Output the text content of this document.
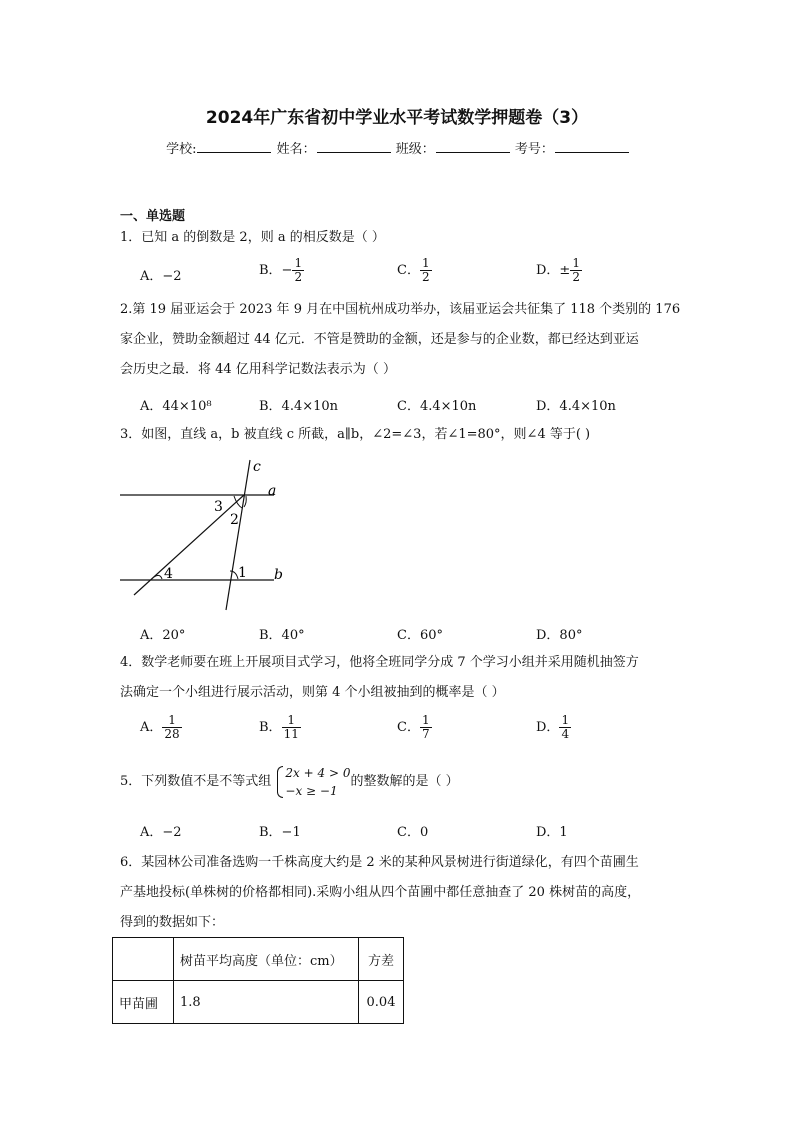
2024年广东省初中学业水平考试数学押题卷（3）
学校:	姓名：	班级：	考号：
一、单选题
1．已知 a 的倒数是 2，则 a 的相反数是（ ）
A．−2	B．− $\frac{1}{2}$	C． $\frac{1}{2}$	D．± $\frac{1}{2}$
2.第 19 届亚运会于 2023 年 9 月在中国杭州成功举办，该届亚运会共征集了 118 个类别的 176
家企业，赞助金额超过 44 亿元．不管是赞助的金额，还是参与的企业数，都已经达到亚运
会历史之最．将 44 亿用科学记数法表示为（ ）
A．44×10⁸	B．4.4×10n	C．4.4×10n	D．4.4×10n
3．如图，直线 a，b 被直线 c 所截，a∥b，∠2=∠3，若∠1=80°，则∠4 等于( )
c
a
b
3
2
4	1
A．20°	B．40°	C．60°	D．80°
4．数学老师要在班上开展项目式学习，他将全班同学分成 7 个学习小组并采用随机抽签方
法确定一个小组进行展示活动，则第 4 个小组被抽到的概率是（ ）
A． $\frac{1}{28}$	B． $\frac{1}{11}$	C． $\frac{1}{7}$	D． $\frac{1}{4}$
5．下列数值不是不等式组
2x + 4 > 0
−x ≥ −1
的整数解的是（ ）
A．−2	B．−1	C．0	D．1
6．某园林公司准备选购一千株高度大约是 2 米的某种风景树进行街道绿化，有四个苗圃生
产基地投标(单株树的价格都相同).采购小组从四个苗圃中都任意抽查了 20 株树苗的高度，
得到的数据如下：
	树苗平均高度（单位：cm）	方差
甲苗圃	1.8	0.04
